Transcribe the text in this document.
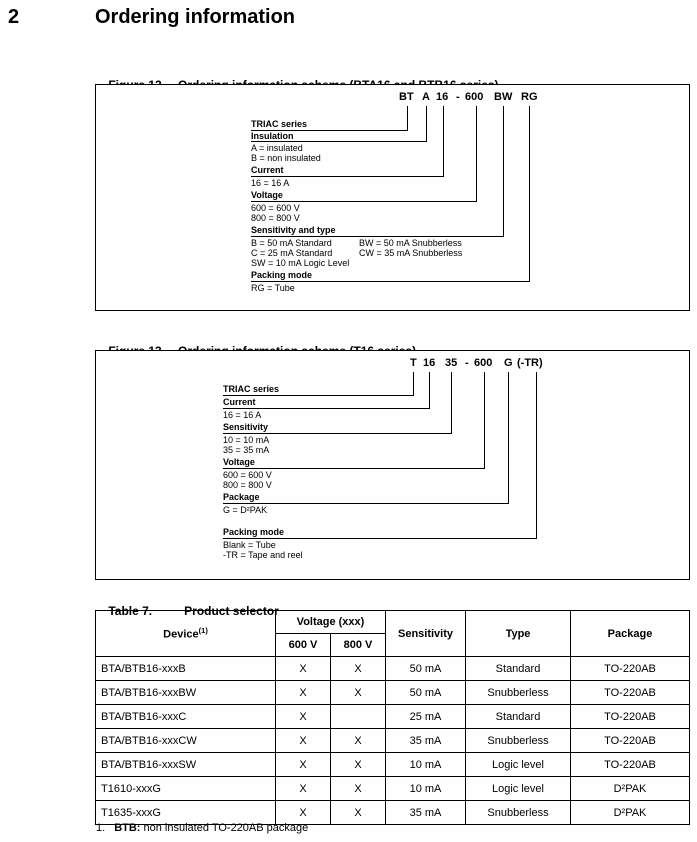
2	Ordering information

BT A 16 - 600 BW RG
TRIAC series
Insulation
A = insulated
B = non insulated
Current
16 = 16 A
Voltage
600 = 600 V
800 = 800 V
Sensitivity and type
B = 50 mA Standard
C = 25 mA Standard
SW = 10 mA Logic Level
BW = 50 mA Snubberless
CW = 35 mA Snubberless
Packing mode
RG = Tube

T 16 35 - 600 G (-TR)
TRIAC series
Current
16 = 16 A
Sensitivity
10 = 10 mA
35 = 35 mA
Voltage
600 = 600 V
800 = 800 V
Package
G = D²PAK
Packing mode
Blank = Tube
-TR = Tape and reel

Table 7.	Product selector

Device$^{(1)}$	Voltage (xxx)		Sensitivity	Type	Package
	600 V	800 V			
BTA/BTB16-xxxB	X	X	50 mA	Standard	TO-220AB
BTA/BTB16-xxxBW	X	X	50 mA	Snubberless	TO-220AB
BTA/BTB16-xxxC	X		25 mA	Standard	TO-220AB
BTA/BTB16-xxxCW	X	X	35 mA	Snubberless	TO-220AB
BTA/BTB16-xxxSW	X	X	10 mA	Logic level	TO-220AB
T1610-xxxG	X	X	10 mA	Logic level	D²PAK
T1635-xxxG	X	X	35 mA	Snubberless	D²PAK
1. BTB: non insulated TO-220AB package
